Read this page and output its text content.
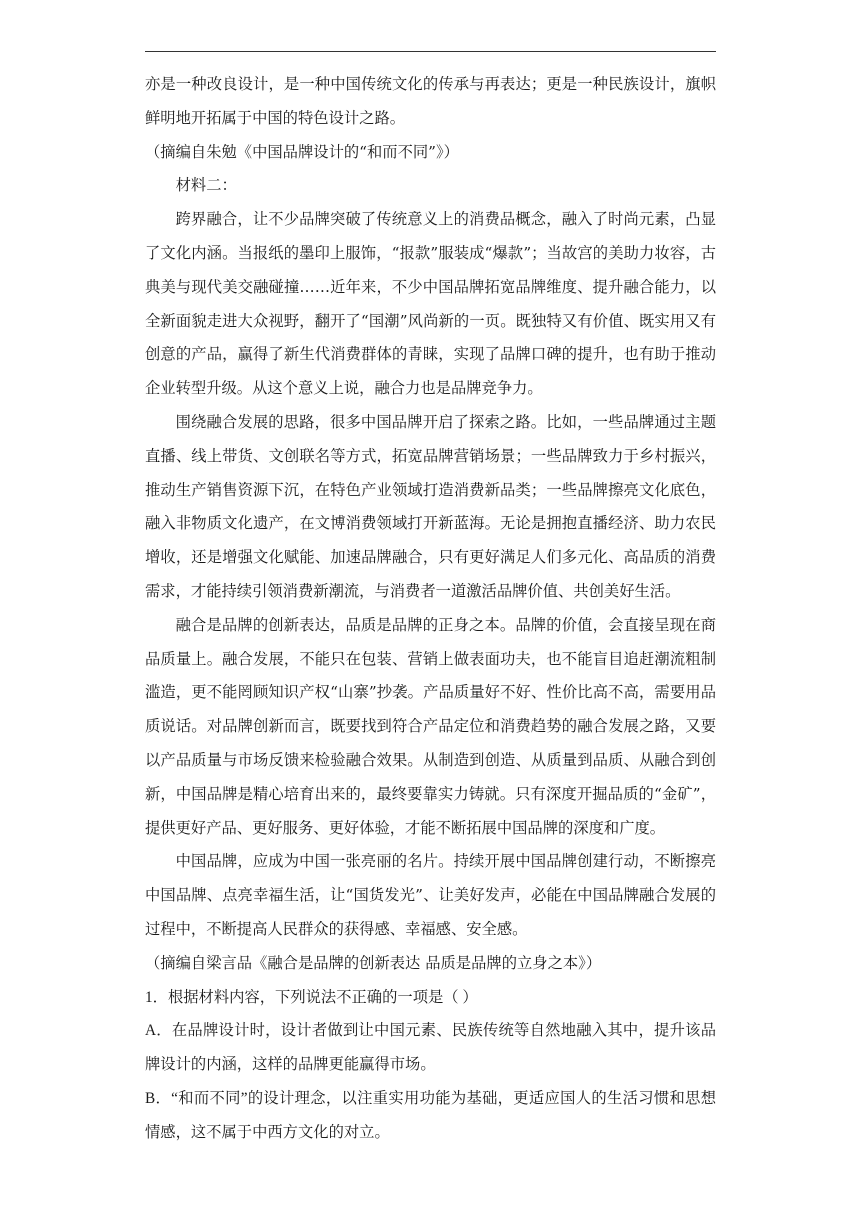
亦是一种改良设计，是一种中国传统文化的传承与再表达；更是一种民族设计，旗帜鲜明地开拓属于中国的特色设计之路。

（摘编自朱勉《中国品牌设计的“和而不同”》）

材料二：

跨界融合，让不少品牌突破了传统意义上的消费品概念，融入了时尚元素，凸显了文化内涵。当报纸的墨印上服饰，“报款”服装成“爆款”；当故宫的美助力妆容，古典美与现代美交融碰撞……近年来，不少中国品牌拓宽品牌维度、提升融合能力，以全新面貌走进大众视野，翻开了“国潮”风尚新的一页。既独特又有价值、既实用又有创意的产品，赢得了新生代消费群体的青睐，实现了品牌口碑的提升，也有助于推动企业转型升级。从这个意义上说，融合力也是品牌竞争力。

围绕融合发展的思路，很多中国品牌开启了探索之路。比如，一些品牌通过主题直播、线上带货、文创联名等方式，拓宽品牌营销场景；一些品牌致力于乡村振兴，推动生产销售资源下沉，在特色产业领域打造消费新品类；一些品牌擦亮文化底色，融入非物质文化遗产，在文博消费领域打开新蓝海。无论是拥抱直播经济、助力农民增收，还是增强文化赋能、加速品牌融合，只有更好满足人们多元化、高品质的消费需求，才能持续引领消费新潮流，与消费者一道激活品牌价值、共创美好生活。

融合是品牌的创新表达，品质是品牌的正身之本。品牌的价值，会直接呈现在商品质量上。融合发展，不能只在包装、营销上做表面功夫，也不能盲目追赶潮流粗制滥造，更不能罔顾知识产权“山寨”抄袭。产品质量好不好、性价比高不高，需要用品质说话。对品牌创新而言，既要找到符合产品定位和消费趋势的融合发展之路，又要以产品质量与市场反馈来检验融合效果。从制造到创造、从质量到品质、从融合到创新，中国品牌是精心培育出来的，最终要靠实力铸就。只有深度开掘品质的“金矿”，提供更好产品、更好服务、更好体验，才能不断拓展中国品牌的深度和广度。

中国品牌，应成为中国一张亮丽的名片。持续开展中国品牌创建行动，不断擦亮中国品牌、点亮幸福生活，让“国货发光”、让美好发声，必能在中国品牌融合发展的过程中，不断提高人民群众的获得感、幸福感、安全感。

（摘编自梁言品《融合是品牌的创新表达 品质是品牌的立身之本》）

1．根据材料内容，下列说法不正确的一项是（ ）

A．在品牌设计时，设计者做到让中国元素、民族传统等自然地融入其中，提升该品牌设计的内涵，这样的品牌更能赢得市场。

B．“和而不同”的设计理念，以注重实用功能为基础，更适应国人的生活习惯和思想情感，这不属于中西方文化的对立。
